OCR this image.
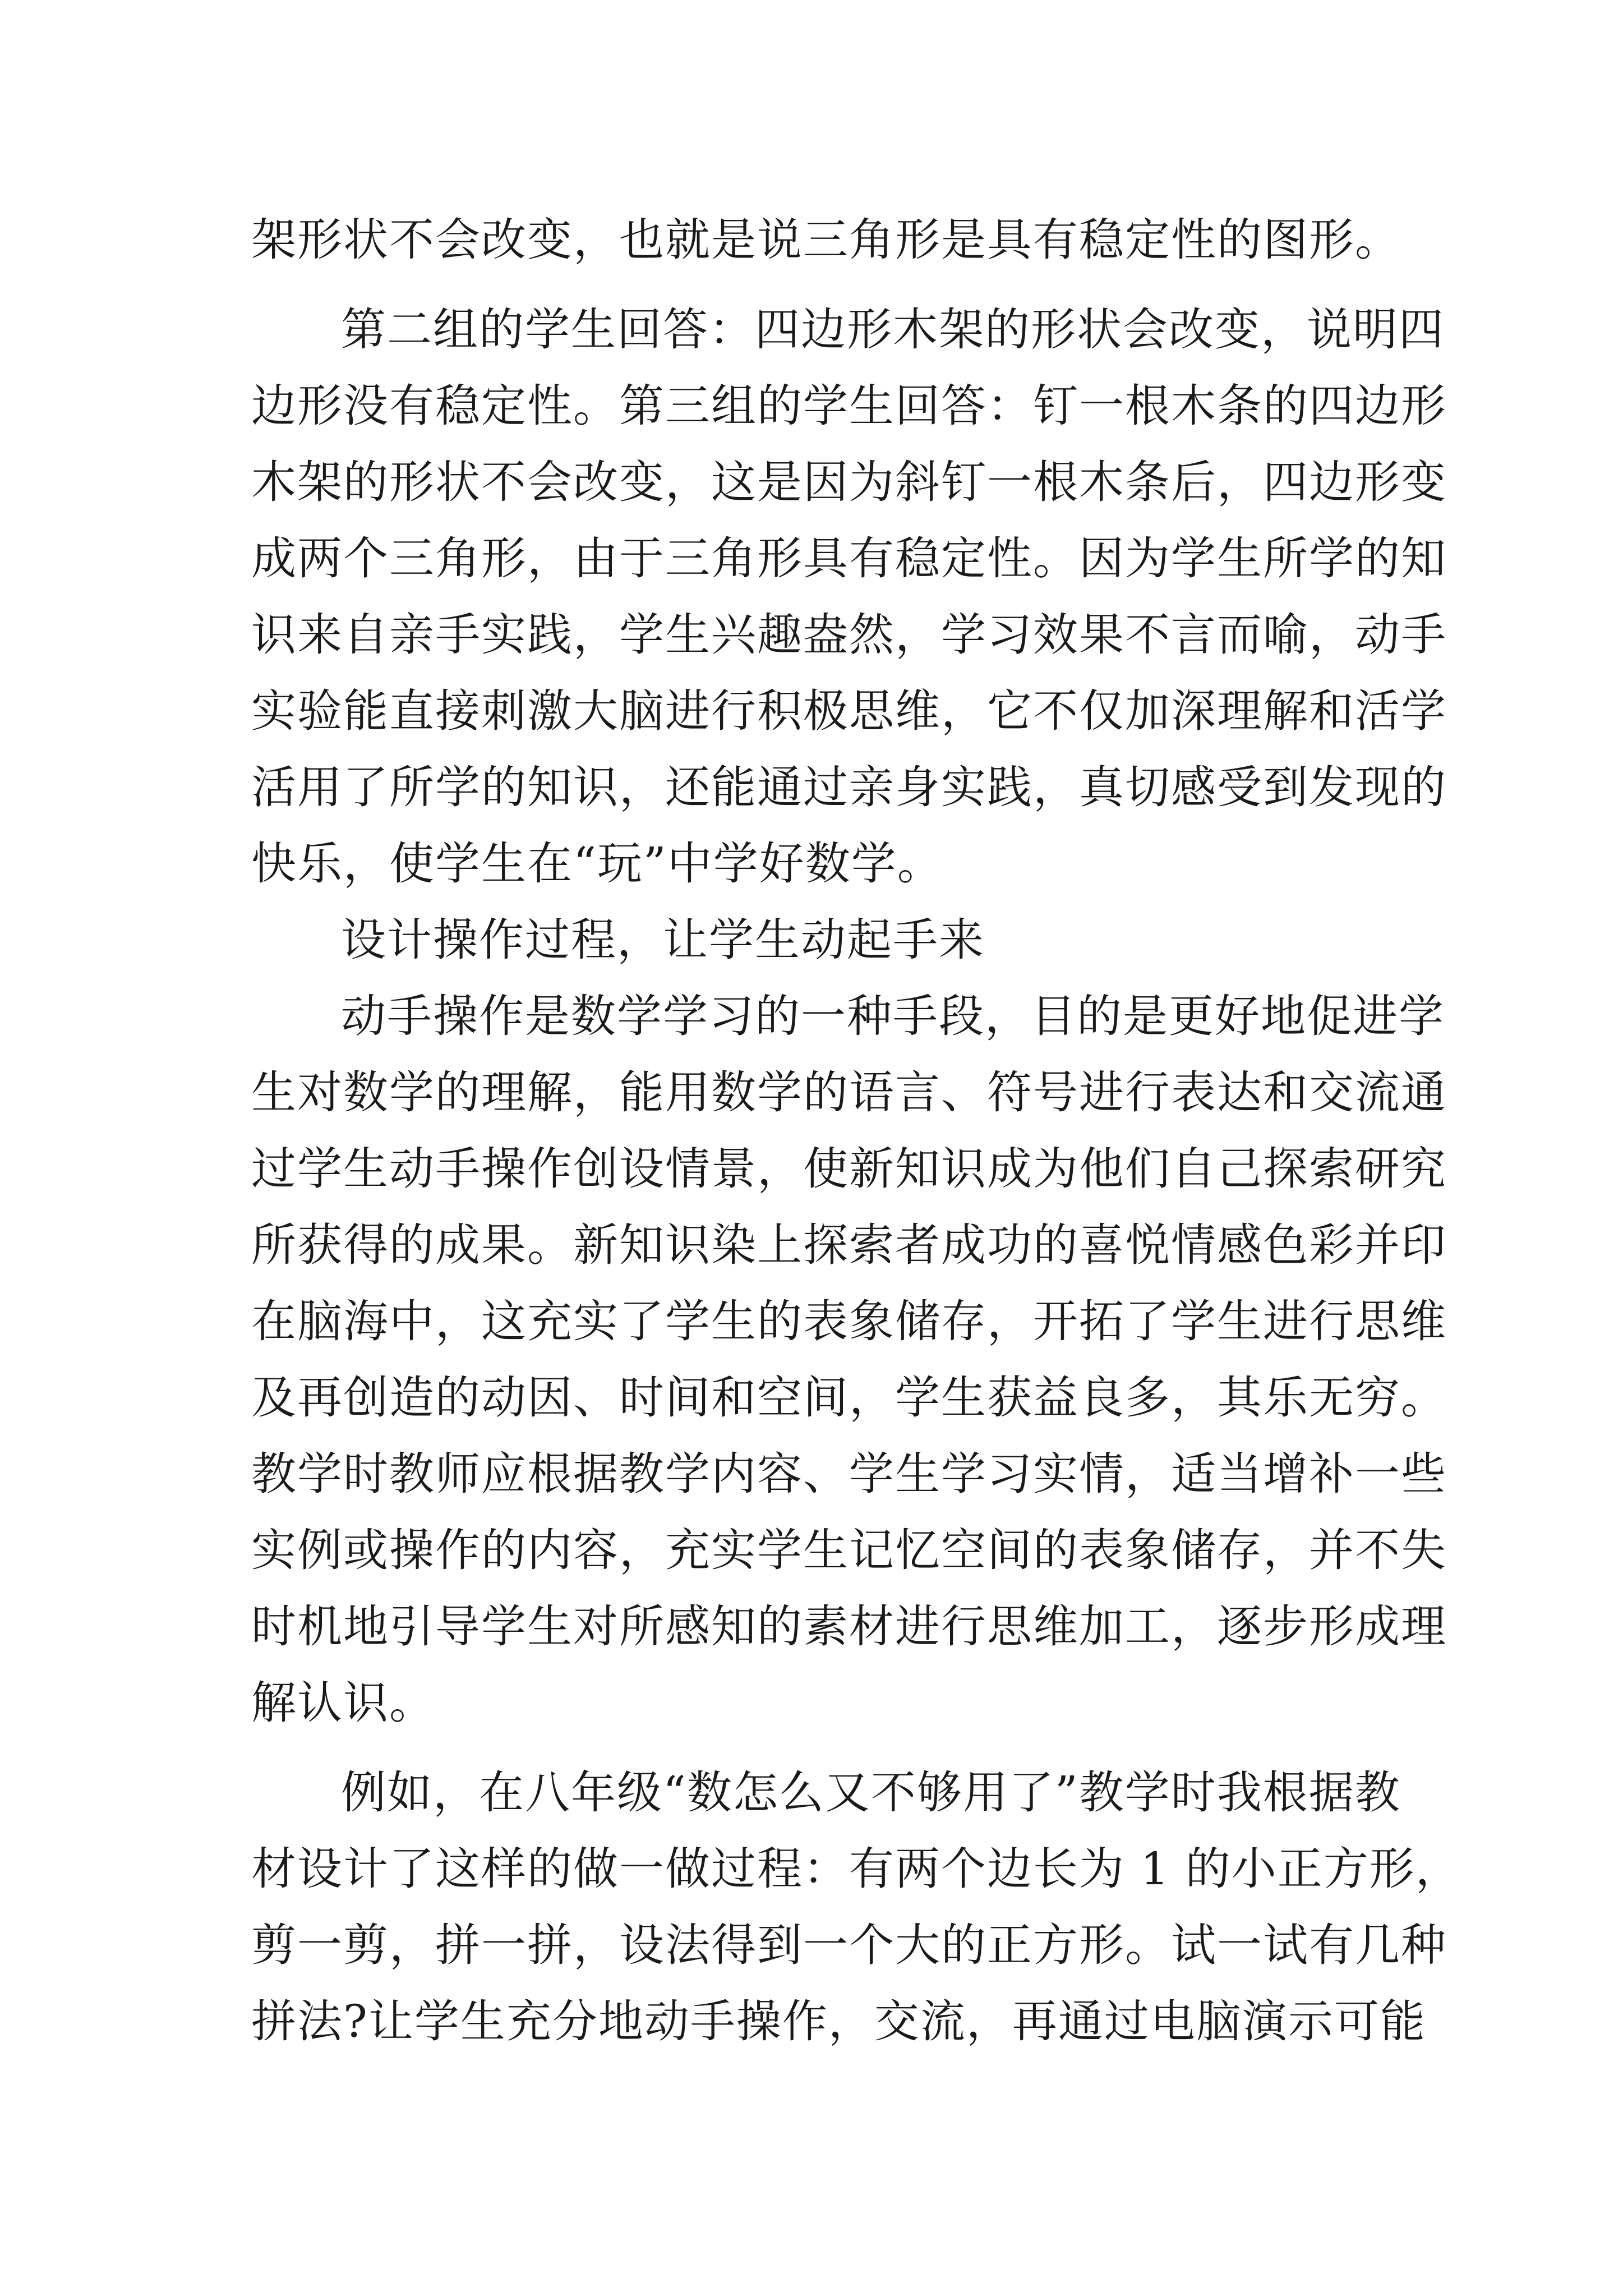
架形状不会改变，也就是说三角形是具有稳定性的图形。
第二组的学生回答：四边形木架的形状会改变，说明四
边形没有稳定性。第三组的学生回答：钉一根木条的四边形
木架的形状不会改变，这是因为斜钉一根木条后，四边形变
成两个三角形，由于三角形具有稳定性。因为学生所学的知
识来自亲手实践，学生兴趣盎然，学习效果不言而喻，动手
实验能直接刺激大脑进行积极思维，它不仅加深理解和活学
活用了所学的知识，还能通过亲身实践，真切感受到发现的
快乐，使学生在“玩”中学好数学。
设计操作过程，让学生动起手来
动手操作是数学学习的一种手段，目的是更好地促进学
生对数学的理解，能用数学的语言、符号进行表达和交流通
过学生动手操作创设情景，使新知识成为他们自己探索研究
所获得的成果。新知识染上探索者成功的喜悦情感色彩并印
在脑海中，这充实了学生的表象储存，开拓了学生进行思维
及再创造的动因、时间和空间，学生获益良多，其乐无穷。
教学时教师应根据教学内容、学生学习实情，适当增补一些
实例或操作的内容，充实学生记忆空间的表象储存，并不失
时机地引导学生对所感知的素材进行思维加工，逐步形成理
解认识。
例如，在八年级“数怎么又不够用了”教学时我根据教
材设计了这样的做一做过程：有两个边长为 1 的小正方形，
剪一剪，拼一拼，设法得到一个大的正方形。试一试有几种
拼法?让学生充分地动手操作，交流，再通过电脑演示可能
